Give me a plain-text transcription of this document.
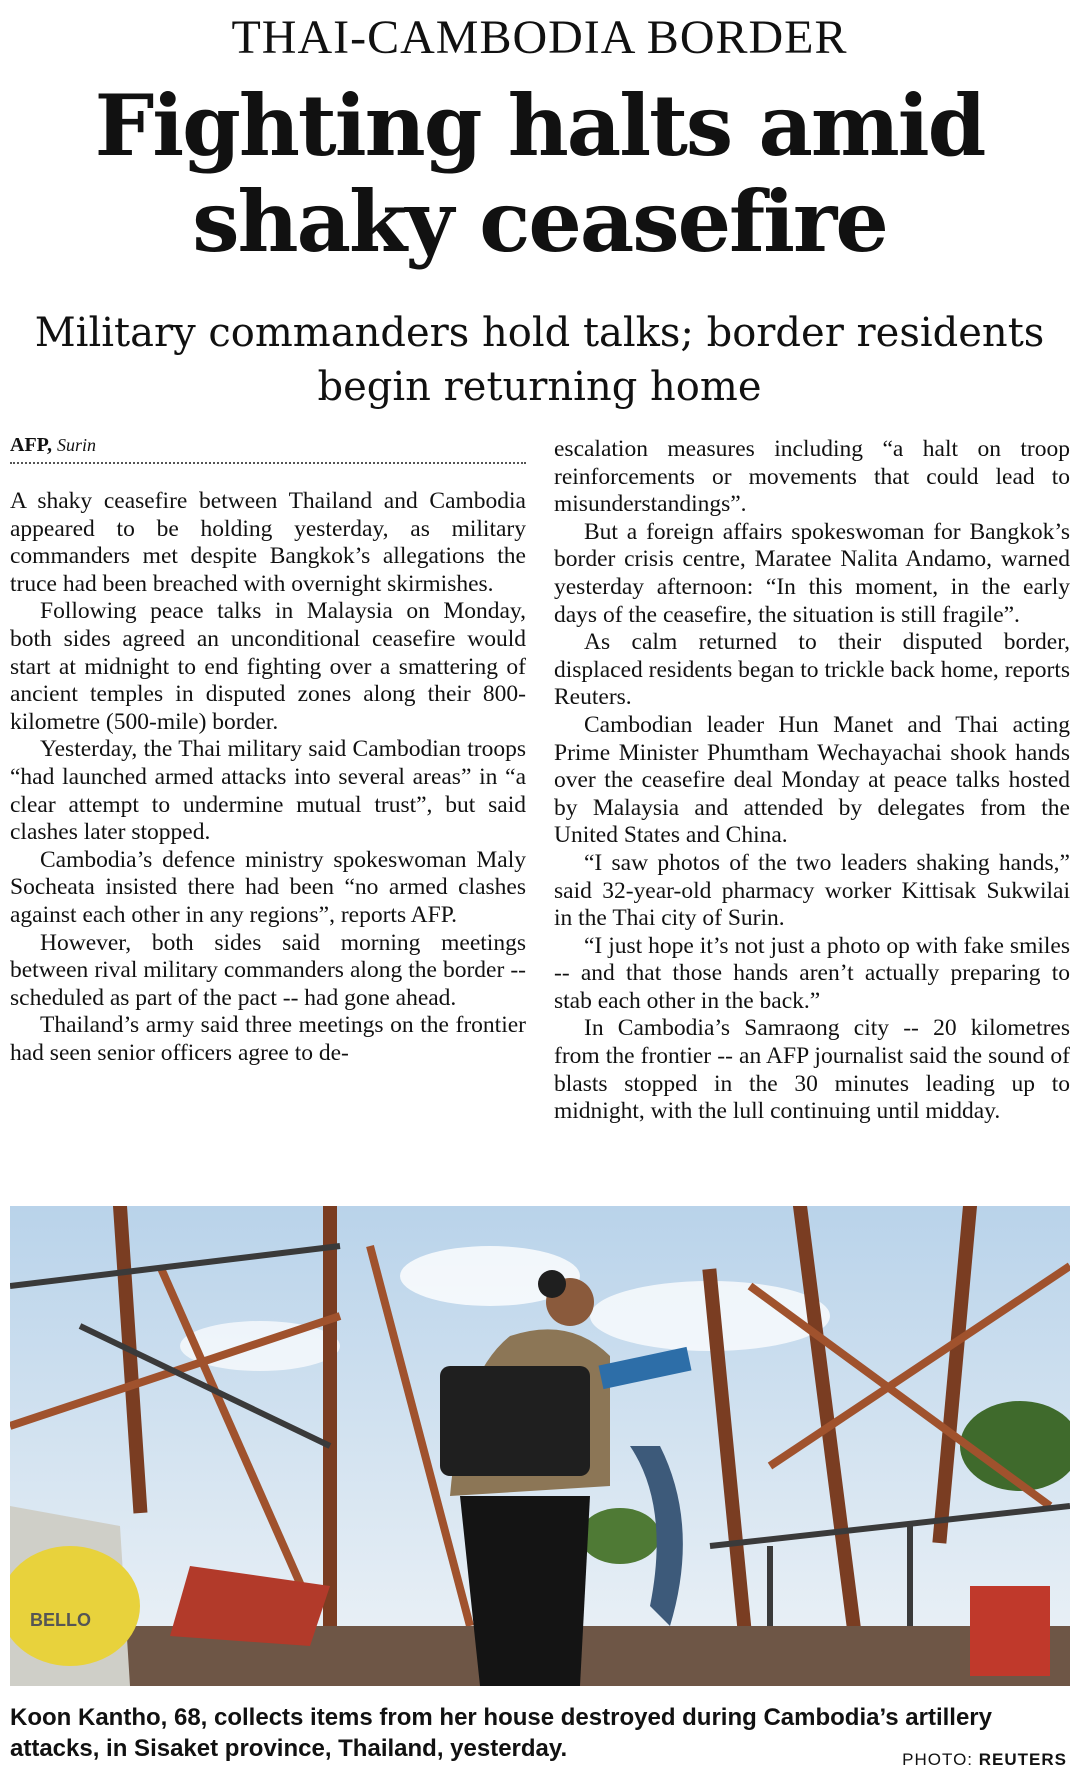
THAI-CAMBODIA BORDER
Fighting halts amid
shaky ceasefire
Military commanders hold talks; border residents
begin returning home
AFP, Surin

A shaky ceasefire between Thailand and Cambodia appeared to be holding yesterday, as military commanders met despite Bangkok’s allegations the truce had been breached with overnight skirmishes.

Following peace talks in Malaysia on Monday, both sides agreed an unconditional ceasefire would start at midnight to end fighting over a smattering of ancient temples in disputed zones along their 800-kilometre (500-mile) border.

Yesterday, the Thai military said Cambodian troops “had launched armed attacks into several areas” in “a clear attempt to undermine mutual trust”, but said clashes later stopped.

Cambodia’s defence ministry spokeswoman Maly Socheata insisted there had been “no armed clashes against each other in any regions”, reports AFP.

However, both sides said morning meetings between rival military commanders along the border -- scheduled as part of the pact -- had gone ahead.

Thailand’s army said three meetings on the frontier had seen senior officers agree to de-

escalation measures including “a halt on troop reinforcements or movements that could lead to misunderstandings”.

But a foreign affairs spokeswoman for Bangkok’s border crisis centre, Maratee Nalita Andamo, warned yesterday afternoon: “In this moment, in the early days of the ceasefire, the situation is still fragile”.

As calm returned to their disputed border, displaced residents began to trickle back home, reports Reuters.

Cambodian leader Hun Manet and Thai acting Prime Minister Phumtham Wechayachai shook hands over the ceasefire deal Monday at peace talks hosted by Malaysia and attended by delegates from the United States and China.

“I saw photos of the two leaders shaking hands,” said 32-year-old pharmacy worker Kittisak Sukwilai in the Thai city of Surin.

“I just hope it’s not just a photo op with fake smiles -- and that those hands aren’t actually preparing to stab each other in the back.”

In Cambodia’s Samraong city -- 20 kilometres from the frontier -- an AFP journalist said the sound of blasts stopped in the 30 minutes leading up to midnight, with the lull continuing until midday.

BELLO
Koon Kantho, 68, collects items from her house destroyed during Cambodia’s artillery attacks, in Sisaket province, Thailand, yesterday.	PHOTO: REUTERS
